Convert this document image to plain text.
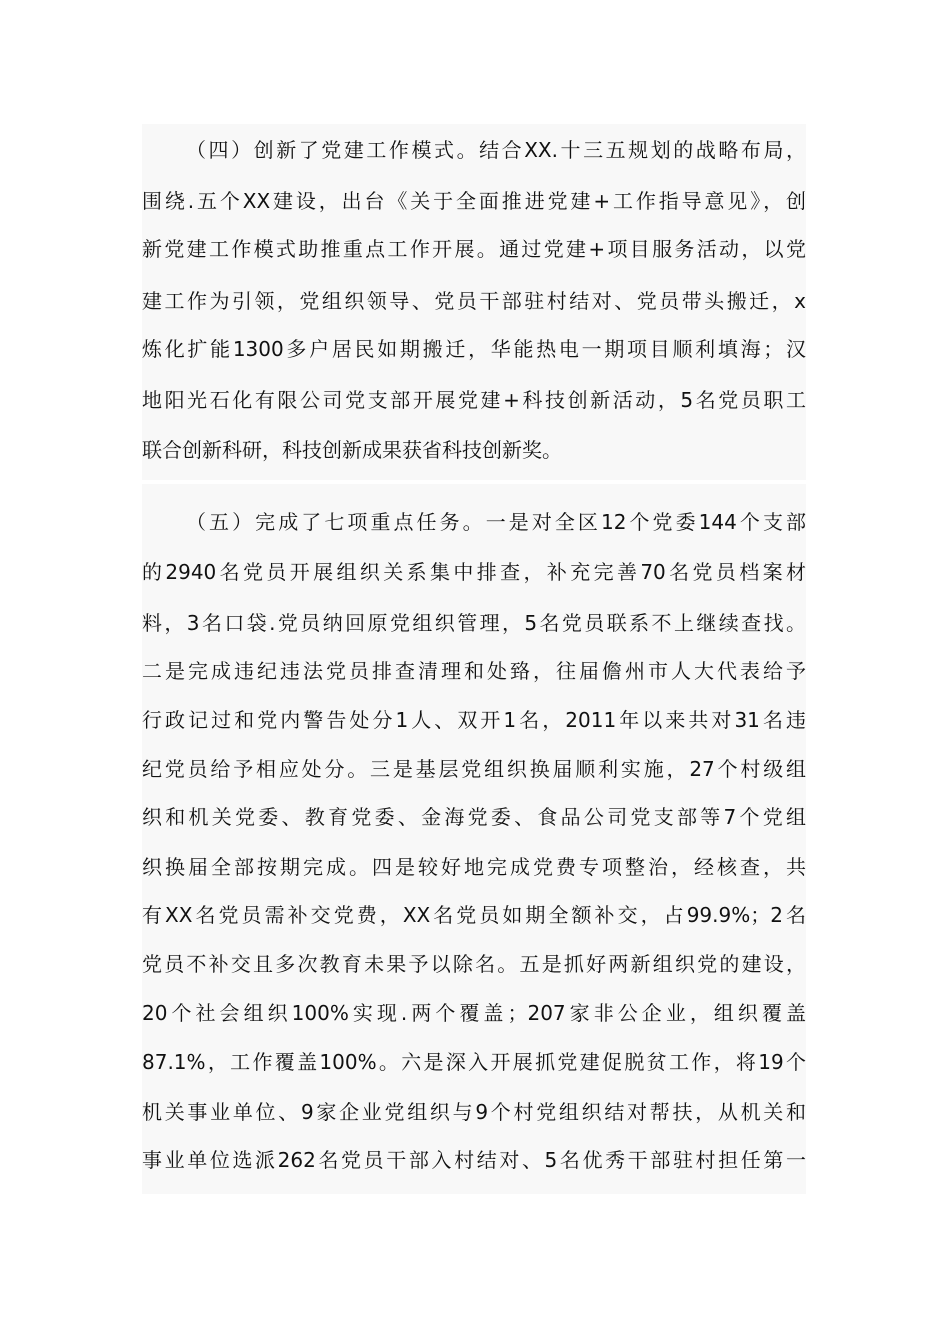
（四）创新了党建工作模式。结合XX.十三五规划的战略布局，
围绕.五个XX建设，出台《关于全面推进党建+工作指导意见》，创
新党建工作模式助推重点工作开展。通过党建+项目服务活动，以党
建工作为引领，党组织领导、党员干部驻村结对、党员带头搬迁，x
炼化扩能1300多户居民如期搬迁，华能热电一期项目顺利填海；汉
地阳光石化有限公司党支部开展党建+科技创新活动，5名党员职工
联合创新科研，科技创新成果获省科技创新奖。
（五）完成了七项重点任务。一是对全区12个党委144个支部
的2940名党员开展组织关系集中排查，补充完善70名党员档案材
料，3名口袋.党员纳回原党组织管理，5名党员联系不上继续查找。
二是完成违纪违法党员排查清理和处臵，往届儋州市人大代表给予
行政记过和党内警告处分1人、双开1名，2011年以来共对31名违
纪党员给予相应处分。三是基层党组织换届顺利实施，27个村级组
织和机关党委、教育党委、金海党委、食品公司党支部等7个党组
织换届全部按期完成。四是较好地完成党费专项整治，经核查，共
有XX名党员需补交党费，XX名党员如期全额补交，占99.9%；2名
党员不补交且多次教育未果予以除名。五是抓好两新组织党的建设，
20个社会组织100%实现.两个覆盖；207家非公企业，组织覆盖
87.1%，工作覆盖100%。六是深入开展抓党建促脱贫工作，将19个
机关事业单位、9家企业党组织与9个村党组织结对帮扶，从机关和
事业单位选派262名党员干部入村结对、5名优秀干部驻村担任第一
